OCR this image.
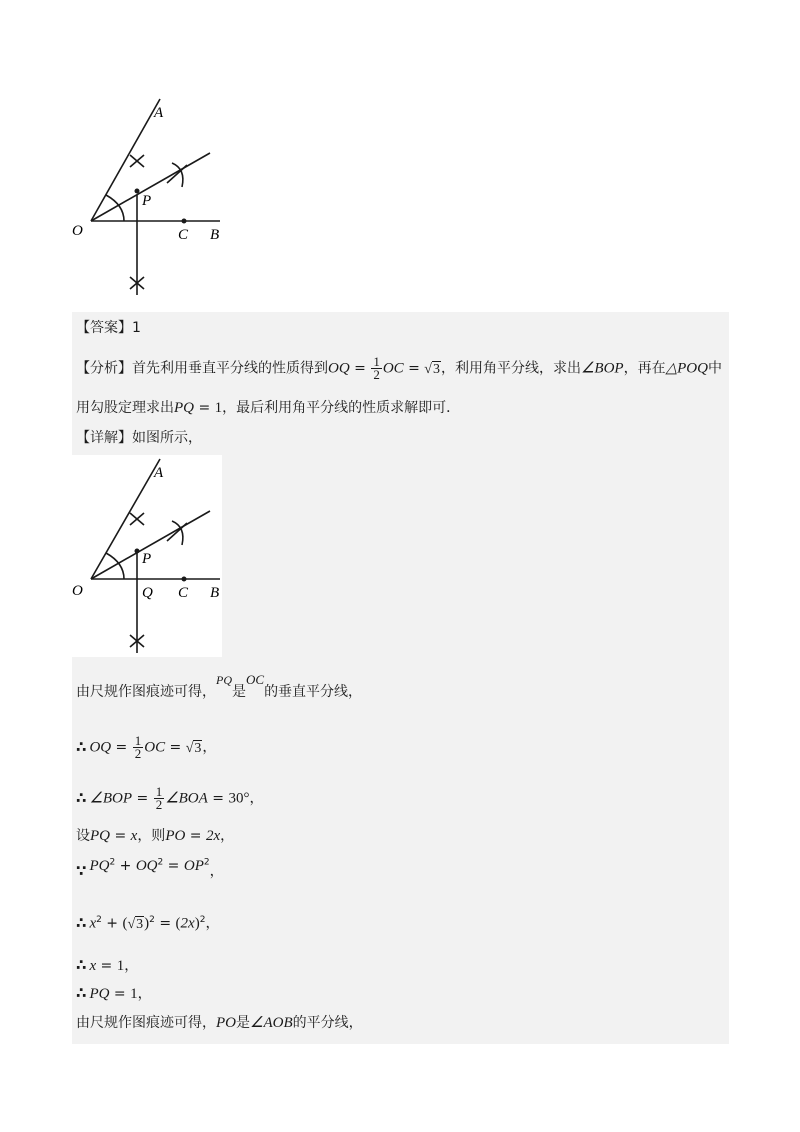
A
P
O	C B
【答案】1
【分析】首先利用垂直平分线的性质得到OQ = $\frac{1}{2}$ OC = √3，利用角平分线，求出∠BOP，再在△POQ中
用勾股定理求出PQ = 1，最后利用角平分线的性质求解即可．
【详解】如图所示，
A
P
O	Q C B
由尺规作图痕迹可得，PQ是OC的垂直平分线，
∴ OQ = $\frac{1}{2}$ OC = √3，
∴ ∠BOP = $\frac{1}{2}$ ∠BOA = 30°，
设PQ = x，则PO = 2x，
∵ $PQ^2 + OQ^2 = OP^2$，
∴ $x^2 + (√3)^2 = (2x)^2$，
∴ x = 1，
∴ PQ = 1，
由尺规作图痕迹可得，PO是∠AOB的平分线，
